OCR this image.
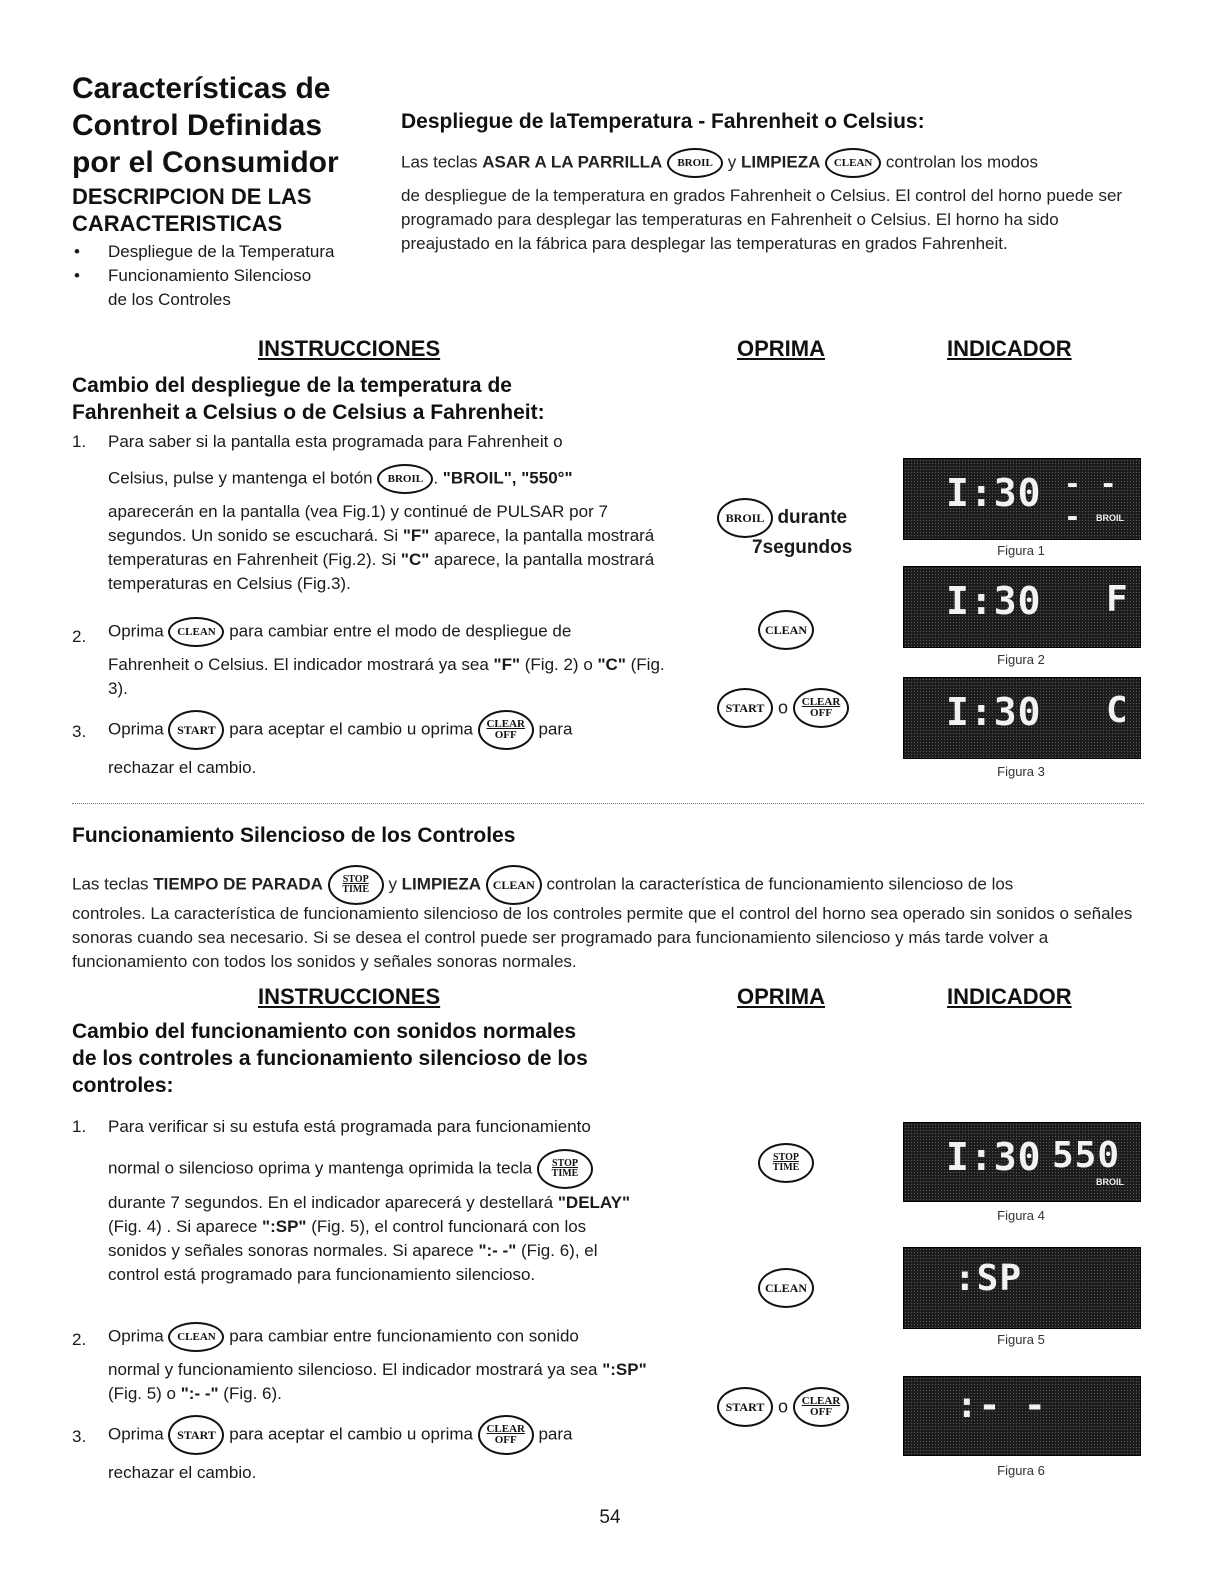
Características de
Control Definidas
por el Consumidor
DESCRIPCION DE LAS
CARACTERISTICAS
• Despliegue de la Temperatura
• Funcionamiento Silencioso
de los Controles
Despliegue de laTemperatura - Fahrenheit o Celsius:
Las teclas ASAR A LA PARRILLA BROIL y LIMPIEZA CLEAN controlan los modos
de despliegue de la temperatura en grados Fahrenheit o Celsius. El control del horno puede ser programado para desplegar las temperaturas en Fahrenheit o Celsius. El horno ha sido preajustado en la fábrica para desplegar las temperaturas en grados Fahrenheit.
INSTRUCCIONES	OPRIMA	INDICADOR
Cambio del despliegue de la temperatura de
Fahrenheit a Celsius o de Celsius a Fahrenheit:
1. Para saber si la pantalla esta programada para Fahrenheit o
Celsius, pulse y mantenga el botón BROIL . "BROIL", "550°"
aparecerán en la pantalla (vea Fig.1) y continué de PULSAR por 7 segundos. Un sonido se escuchará. Si "F" aparece, la pantalla mostrará temperaturas en Fahrenheit (Fig.2). Si "C" aparece, la pantalla mostrará temperaturas en Celsius (Fig.3).
2. Oprima CLEAN para cambiar entre el modo de despliegue de
Fahrenheit o Celsius. El indicador mostrará ya sea "F" (Fig. 2) o "C" (Fig. 3).
3. Oprima START para aceptar el cambio u oprima CLEAR
OFF para
rechazar el cambio.
BROIL durante
7segundos
CLEAN
START o CLEAR
OFF
I:30 - - -	BROIL
Figura 1
I:30 F
Figura 2
I:30 C
Figura 3
Funcionamiento Silencioso de los Controles
Las teclas TIEMPO DE PARADA STOP
TIME y LIMPIEZA CLEAN controlan la característica de funcionamiento silencioso de los
controles. La característica de funcionamiento silencioso de los controles permite que el control del horno sea operado sin sonidos o señales sonoras cuando sea necesario. Si se desea el control puede ser programado para funcionamiento silencioso y más tarde volver a funcionamiento con todos los sonidos y señales sonoras normales.
INSTRUCCIONES	OPRIMA	INDICADOR
Cambio del funcionamiento con sonidos normales
de los controles a funcionamiento silencioso de los
controles:
1. Para verificar si su estufa está programada para funcionamiento
normal o silencioso oprima y mantenga oprimida la tecla STOP
TIME
durante 7 segundos. En el indicador aparecerá y destellará "DELAY" (Fig. 4) . Si aparece ":SP" (Fig. 5), el control funcionará con los sonidos y señales sonoras normales. Si aparece ":- -" (Fig. 6), el control está programado para funcionamiento silencioso.
2. Oprima CLEAN para cambiar entre funcionamiento con sonido
normal y funcionamiento silencioso. El indicador mostrará ya sea ":SP" (Fig. 5) o ":- -" (Fig. 6).
3. Oprima START para aceptar el cambio u oprima CLEAR
OFF para
rechazar el cambio.
STOP
TIME
CLEAN
START o CLEAR
OFF
I:30 550
BROIL
Figura 4
:SP
Figura 5
:- -
Figura 6
54
